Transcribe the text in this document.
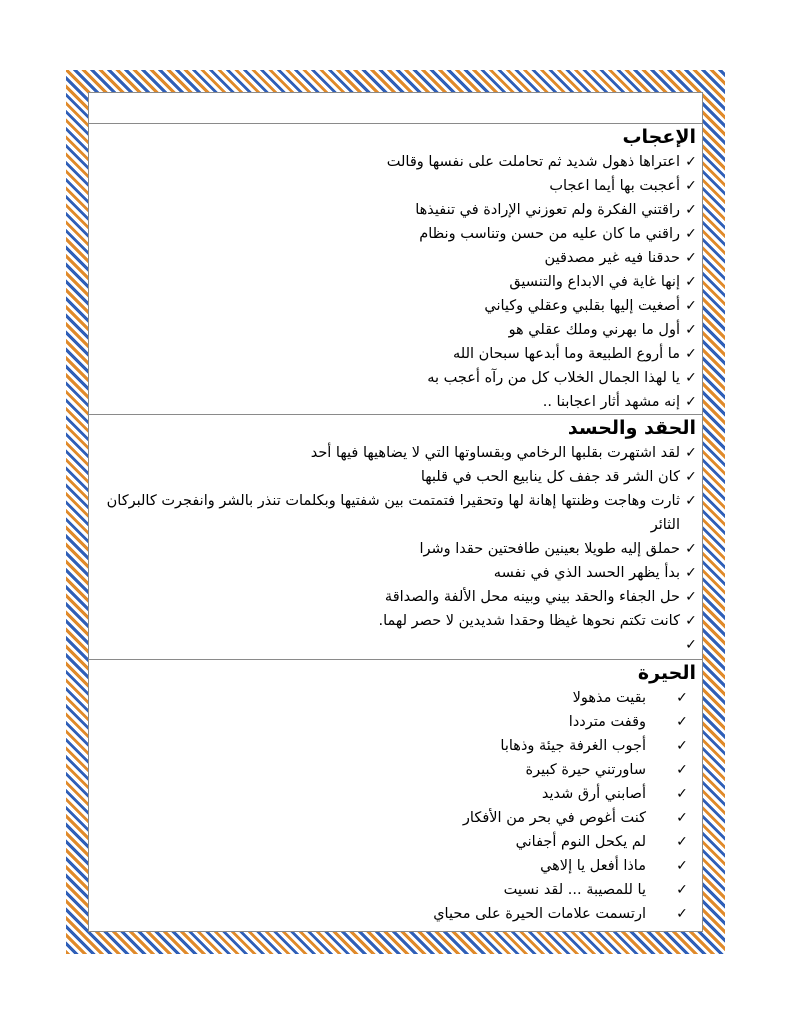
الإعجاب
✓
اعتراها ذهول شديد ثم تحاملت على نفسها وقالت
✓
أعجبت بها أيما اعجاب
✓
راقتني الفكرة ولم تعوزني الإرادة في تنفيذها
✓
راقني ما كان عليه من حسن وتناسب ونظام
✓
حدقنا فيه غير مصدقين
✓
إنها غاية في الابداع والتنسيق
✓
أصغيت إليها بقلبي وعقلي وكياني
✓
أول ما بهرني وملك عقلي هو
✓
ما أروع الطبيعة وما أبدعها سبحان الله
✓
يا لهذا الجمال الخلاب كل من رآه أعجب به
✓
إنه مشهد أثار اعجابنا ..
الحقد والحسد
✓
لقد اشتهرت بقلبها الرخامي وبقساوتها التي لا يضاهيها فيها أحد
✓
كان الشر قد جفف كل ينابيع الحب في قلبها
✓
ثارت وهاجت وظنتها إهانة لها وتحقيرا فتمتمت بين شفتيها وبكلمات تنذر بالشر وانفجرت كالبركان الثائر
✓
حملق إليه طويلا بعينين طافحتين حقدا وشرا
✓
بدأ يظهر الحسد الذي في نفسه
✓
حل الجفاء والحقد بيني وبينه محل الألفة والصداقة
✓
كانت تكتم نحوها غيظا وحقدا شديدين لا حصر لهما.
✓
الحيرة
✓
بقيت مذهولا
✓
وقفت مترددا
✓
أجوب الغرفة جيئة وذهابا
✓
ساورتني حيرة كبيرة
✓
أصابني أرق شديد
✓
كنت أغوص في بحر من الأفكار
✓
لم يكحل النوم أجفاني
✓
ماذا أفعل يا إلاهي
✓
يا للمصيبة ... لقد نسيت
✓
ارتسمت علامات الحيرة على محياي
